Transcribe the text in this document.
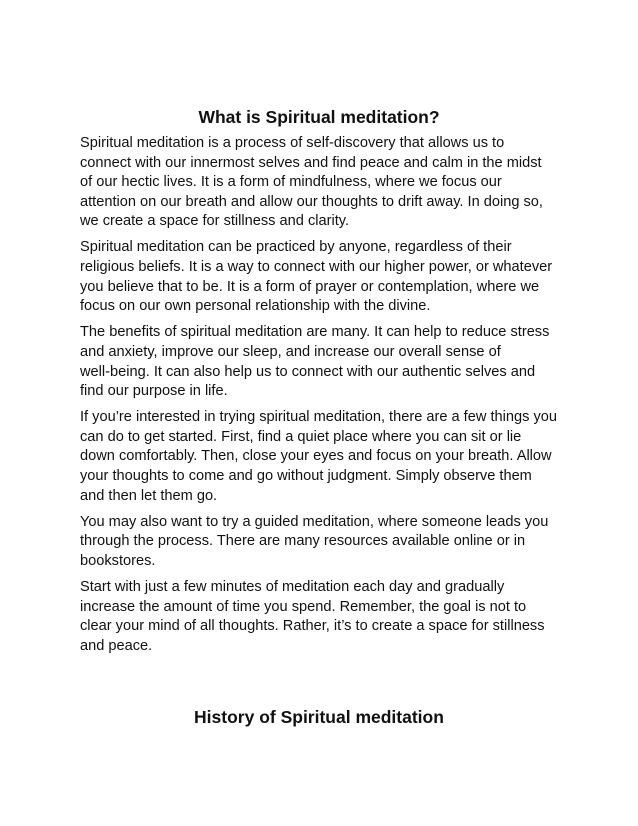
What is Spiritual meditation?

Spiritual meditation is a process of self-discovery that allows us to
connect with our innermost selves and find peace and calm in the midst
of our hectic lives. It is a form of mindfulness, where we focus our
attention on our breath and allow our thoughts to drift away. In doing so,
we create a space for stillness and clarity.

Spiritual meditation can be practiced by anyone, regardless of their
religious beliefs. It is a way to connect with our higher power, or whatever
you believe that to be. It is a form of prayer or contemplation, where we
focus on our own personal relationship with the divine.

The benefits of spiritual meditation are many. It can help to reduce stress
and anxiety, improve our sleep, and increase our overall sense of
well-being. It can also help us to connect with our authentic selves and
find our purpose in life.

If you’re interested in trying spiritual meditation, there are a few things you
can do to get started. First, find a quiet place where you can sit or lie
down comfortably. Then, close your eyes and focus on your breath. Allow
your thoughts to come and go without judgment. Simply observe them
and then let them go.

You may also want to try a guided meditation, where someone leads you
through the process. There are many resources available online or in
bookstores.

Start with just a few minutes of meditation each day and gradually
increase the amount of time you spend. Remember, the goal is not to
clear your mind of all thoughts. Rather, it’s to create a space for stillness
and peace.

History of Spiritual meditation
